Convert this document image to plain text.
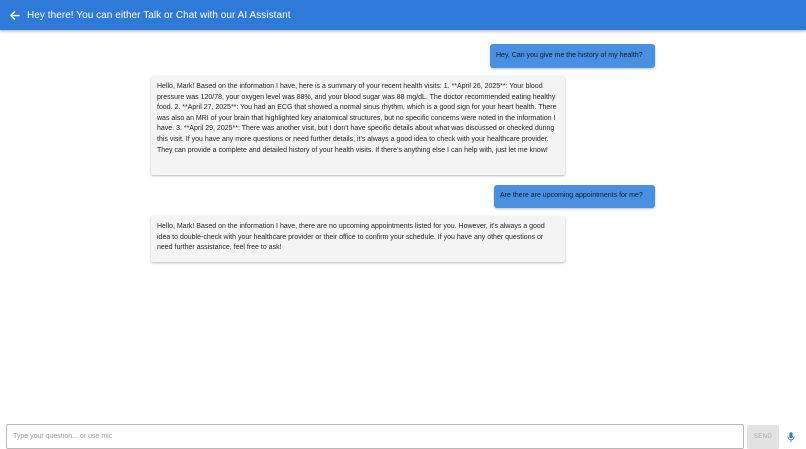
Hey there! You can either Talk or Chat with our AI Assistant
Hey, Can you give me the history of my health?
Hello, Mark! Based on the information I have, here is a summary of your recent health visits: 1. **April 26, 2025**: Your blood pressure was 120/78, your oxygen level was 88%, and your blood sugar was 88 mg/dL. The doctor recommended eating healthy food. 2. **April 27, 2025**: You had an ECG that showed a normal sinus rhythm, which is a good sign for your heart health. There was also an MRI of your brain that highlighted key anatomical structures, but no specific concerns were noted in the information I have. 3. **April 29, 2025**: There was another visit, but I don't have specific details about what was discussed or checked during this visit. If you have any more questions or need further details, it's always a good idea to check with your healthcare provider. They can provide a complete and detailed history of your health visits. If there's anything else I can help with, just let me know!
Are there are upcoming appointments for me?
Hello, Mark! Based on the information I have, there are no upcoming appointments listed for you. However, it's always a good idea to double-check with your healthcare provider or their office to confirm your schedule. If you have any other questions or need further assistance, feel free to ask!
Type your question... or use mic
SEND
